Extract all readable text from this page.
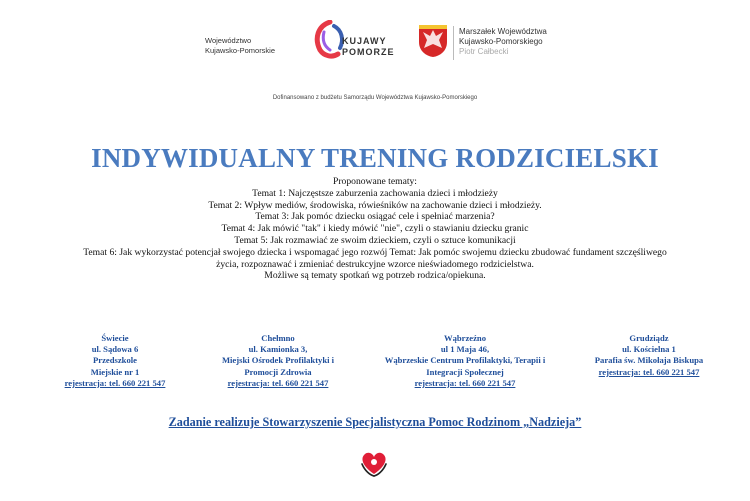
Województwo
Kujawsko-Pomorskie
KUJAWY
POMORZE
Marszałek Województwa
Kujawsko-Pomorskiego
Piotr Całbecki
Dofinansowano z budżetu Samorządu Województwa Kujawsko-Pomorskiego
INDYWIDUALNY TRENING RODZICIELSKI
Proponowane tematy:
Temat 1: Najczęstsze zaburzenia zachowania dzieci i młodzieży
Temat 2: Wpływ mediów, środowiska, rówieśników na zachowanie dzieci i młodzieży.
Temat 3: Jak pomóc dziecku osiągać cele i spełniać marzenia?
Temat 4: Jak mówić "tak" i kiedy mówić "nie", czyli o stawianiu dziecku granic
Temat 5: Jak rozmawiać ze swoim dzieckiem, czyli o sztuce komunikacji
Temat 6: Jak wykorzystać potencjał swojego dziecka i wspomagać jego rozwój Temat: Jak pomóc swojemu dziecku zbudować fundament szczęśliwego
życia, rozpoznawać i zmieniać destrukcyjne wzorce nieświadomego rodzicielstwa.
Możliwe są tematy spotkań wg potrzeb rodzica/opiekuna.
Świecie
ul. Sądowa 6
Przedszkole
Miejskie nr 1
rejestracja: tel. 660 221 547
Chełmno
ul. Kamionka 3,
Miejski Ośrodek Profilaktyki i
Promocji Zdrowia
rejestracja: tel. 660 221 547
Wąbrzeźno
ul 1 Maja 46,
Wąbrzeskie Centrum Profilaktyki, Terapii i
Integracji Społecznej
rejestracja: tel. 660 221 547
Grudziądz
ul. Kościelna 1
Parafia św. Mikołaja Biskupa
rejestracja: tel. 660 221 547
Zadanie realizuje Stowarzyszenie Specjalistyczna Pomoc Rodzinom „Nadzieja”
